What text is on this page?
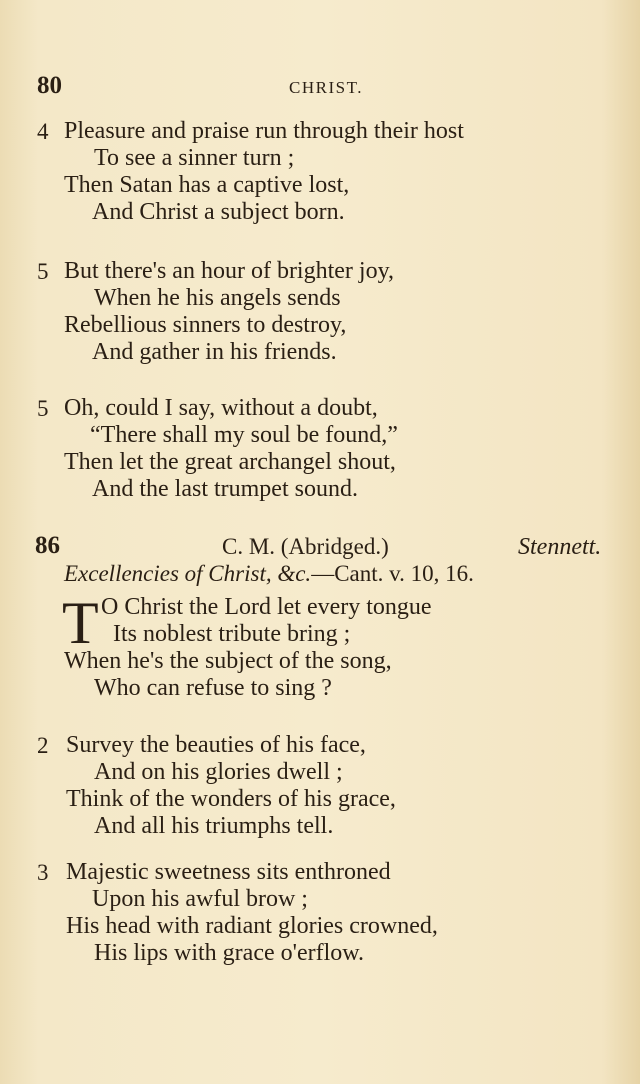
80	CHRIST.
4 Pleasure and praise run through their host
To see a sinner turn ;
Then Satan has a captive lost,
And Christ a subject born.
5 But there's an hour of brighter joy,
When he his angels sends
Rebellious sinners to destroy,
And gather in his friends.
5 Oh, could I say, without a doubt,
“There shall my soul be found,”
Then let the great archangel shout,
And the last trumpet sound.
86	C. M. (Abridged.)	Stennett.
Excellencies of Christ, &c.—Cant. v. 10, 16.
T O Christ the Lord let every tongue
Its noblest tribute bring ;
When he's the subject of the song,
Who can refuse to sing ?
2 Survey the beauties of his face,
And on his glories dwell ;
Think of the wonders of his grace,
And all his triumphs tell.
3 Majestic sweetness sits enthroned
Upon his awful brow ;
His head with radiant glories crowned,
His lips with grace o'erflow.
